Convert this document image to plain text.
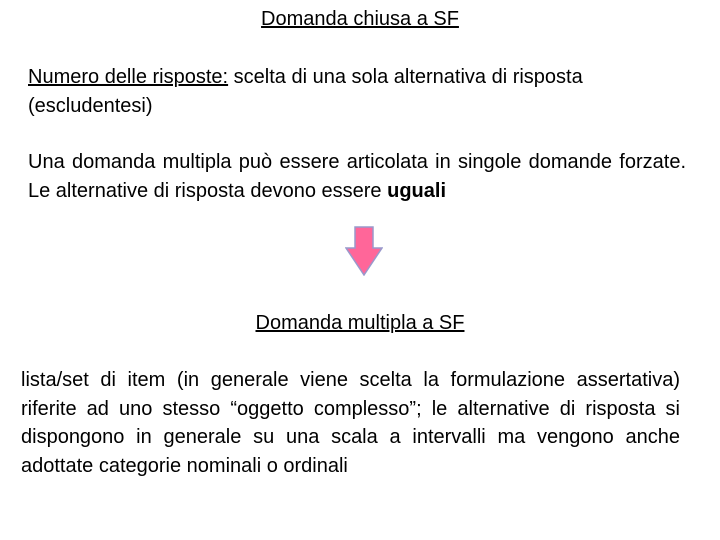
Domanda chiusa a SF
Numero delle risposte: scelta di una sola alternativa di risposta (escludentesi)
Una domanda multipla può essere articolata in singole domande forzate. Le alternative di risposta devono essere uguali
Domanda multipla a SF
lista/set di item (in generale viene scelta la formulazione assertativa) riferite ad uno stesso “oggetto complesso”; le alternative di risposta si dispongono in generale su una scala a intervalli ma vengono anche adottate categorie nominali o ordinali
